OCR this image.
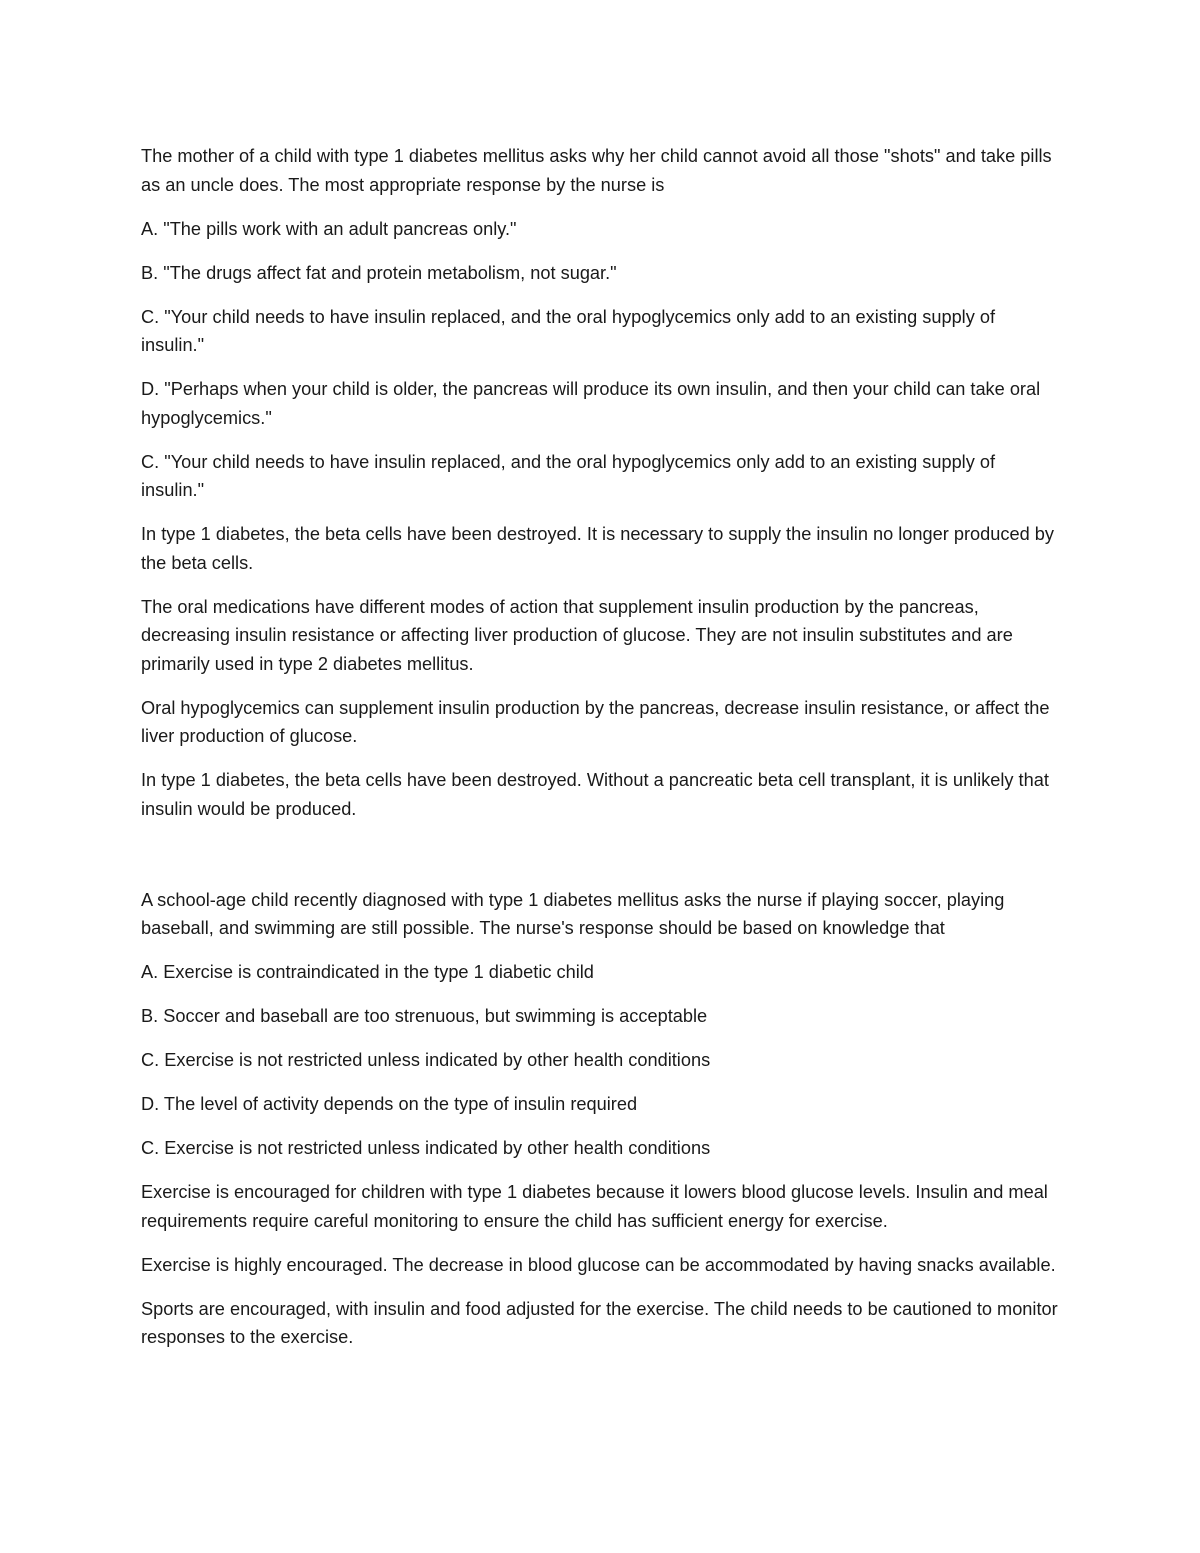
The mother of a child with type 1 diabetes mellitus asks why her child cannot avoid all those "shots" and take pills as an uncle does. The most appropriate response by the nurse is

A. "The pills work with an adult pancreas only."

B. "The drugs affect fat and protein metabolism, not sugar."

C. "Your child needs to have insulin replaced, and the oral hypoglycemics only add to an existing supply of insulin."

D. "Perhaps when your child is older, the pancreas will produce its own insulin, and then your child can take oral hypoglycemics."

C. "Your child needs to have insulin replaced, and the oral hypoglycemics only add to an existing supply of insulin."

In type 1 diabetes, the beta cells have been destroyed. It is necessary to supply the insulin no longer produced by the beta cells.

The oral medications have different modes of action that supplement insulin production by the pancreas, decreasing insulin resistance or affecting liver production of glucose. They are not insulin substitutes and are primarily used in type 2 diabetes mellitus.

Oral hypoglycemics can supplement insulin production by the pancreas, decrease insulin resistance, or affect the liver production of glucose.

In type 1 diabetes, the beta cells have been destroyed. Without a pancreatic beta cell transplant, it is unlikely that insulin would be produced.

A school-age child recently diagnosed with type 1 diabetes mellitus asks the nurse if playing soccer, playing baseball, and swimming are still possible. The nurse's response should be based on knowledge that

A. Exercise is contraindicated in the type 1 diabetic child

B. Soccer and baseball are too strenuous, but swimming is acceptable

C. Exercise is not restricted unless indicated by other health conditions

D. The level of activity depends on the type of insulin required

C. Exercise is not restricted unless indicated by other health conditions

Exercise is encouraged for children with type 1 diabetes because it lowers blood glucose levels. Insulin and meal requirements require careful monitoring to ensure the child has sufficient energy for exercise.

Exercise is highly encouraged. The decrease in blood glucose can be accommodated by having snacks available.

Sports are encouraged, with insulin and food adjusted for the exercise. The child needs to be cautioned to monitor responses to the exercise.
